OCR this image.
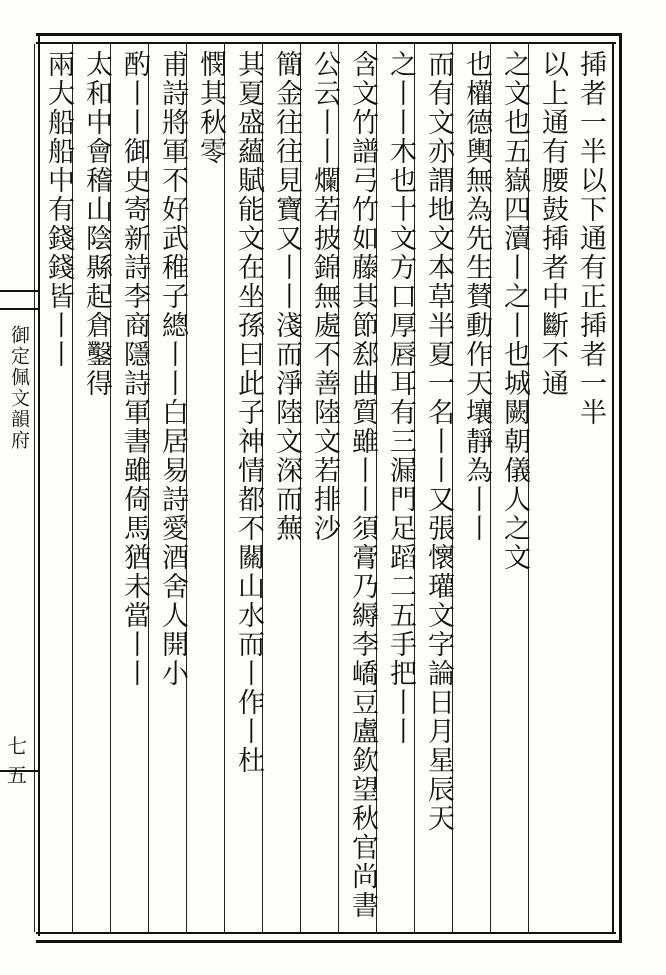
御定佩文韻府
七五
揷者一半以下通有正揷者一半
以上通有腰鼓揷者中斷不通
之文也五嶽四瀆丨之丨也城闕朝儀人之文
也權德輿無為先生賛動作天壤靜為丨丨
而有文亦謂地文本草半夏一名丨丨又張懷瓘文字論日月星辰天
之丨丨木也十文方口厚唇耳有三漏門足蹈二五手把丨丨
含文竹譜弓竹如藤其節郄曲質雖丨丨須膏乃縟李嶠豆盧欽望秋官尚書
公云丨丨爛若披錦無處不善陸文若排沙
簡金往往見寶又丨丨淺而淨陸文深而蕪
其夏盛蘊賦能文在坐孫曰此子神情都不關山水而丨作丨杜
憫其秋零
甫詩將軍不好武稚子總丨丨白居易詩愛酒舍人開小
酌丨丨御史寄新詩李商隱詩軍書雖倚馬猶未當丨丨
太和中會稽山陰縣起倉鑿得
兩大船船中有錢錢皆丨丨
